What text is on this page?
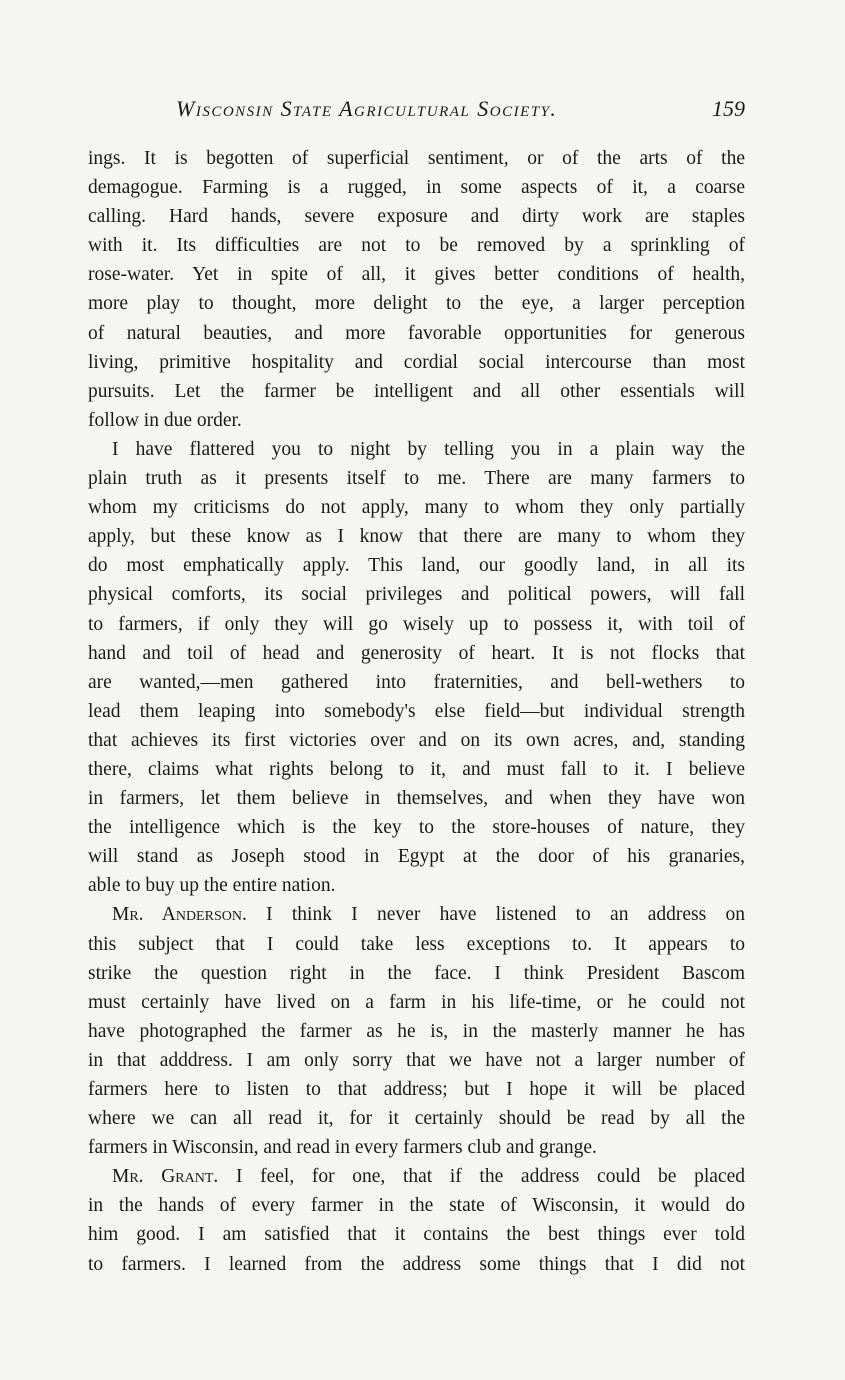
Wisconsin State Agricultural Society.	159
ings. It is begotten of superficial sentiment, or of the arts of the
demagogue. Farming is a rugged, in some aspects of it, a coarse
calling. Hard hands, severe exposure and dirty work are staples
with it. Its difficulties are not to be removed by a sprinkling of
rose-water. Yet in spite of all, it gives better conditions of health,
more play to thought, more delight to the eye, a larger perception
of natural beauties, and more favorable opportunities for generous
living, primitive hospitality and cordial social intercourse than most
pursuits. Let the farmer be intelligent and all other essentials will
follow in due order.
I have flattered you to night by telling you in a plain way the
plain truth as it presents itself to me. There are many farmers to
whom my criticisms do not apply, many to whom they only partially
apply, but these know as I know that there are many to whom they
do most emphatically apply. This land, our goodly land, in all its
physical comforts, its social privileges and political powers, will fall
to farmers, if only they will go wisely up to possess it, with toil of
hand and toil of head and generosity of heart. It is not flocks that
are wanted,—men gathered into fraternities, and bell-wethers to
lead them leaping into somebody's else field—but individual strength
that achieves its first victories over and on its own acres, and, standing
there, claims what rights belong to it, and must fall to it. I believe
in farmers, let them believe in themselves, and when they have won
the intelligence which is the key to the store-houses of nature, they
will stand as Joseph stood in Egypt at the door of his granaries,
able to buy up the entire nation.
Mr. Anderson. I think I never have listened to an address on
this subject that I could take less exceptions to. It appears to
strike the question right in the face. I think President Bascom
must certainly have lived on a farm in his life-time, or he could not
have photographed the farmer as he is, in the masterly manner he has
in that adddress. I am only sorry that we have not a larger number of
farmers here to listen to that address; but I hope it will be placed
where we can all read it, for it certainly should be read by all the
farmers in Wisconsin, and read in every farmers club and grange.
Mr. Grant. I feel, for one, that if the address could be placed
in the hands of every farmer in the state of Wisconsin, it would do
him good. I am satisfied that it contains the best things ever told
to farmers. I learned from the address some things that I did not
